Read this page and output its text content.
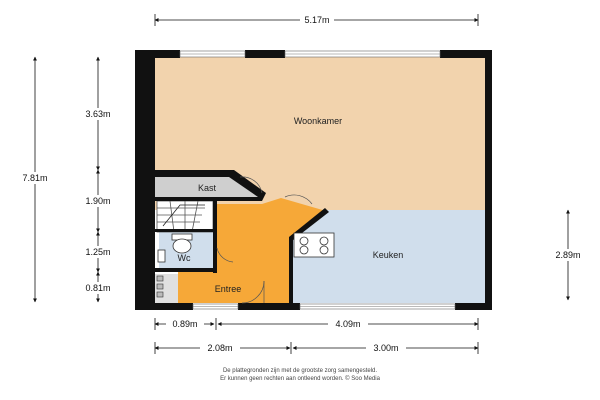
Woonkamer
Keuken
Kast
Wc
Entree
5.17m
7.81m
3.63m
1.90m
1.25m
0.81m
2.89m
0.89m	4.09m
2.08m	3.00m
De plattegronden zijn met de grootste zorg samengesteld.
Er kunnen geen rechten aan ontleend worden. © Soo Media
